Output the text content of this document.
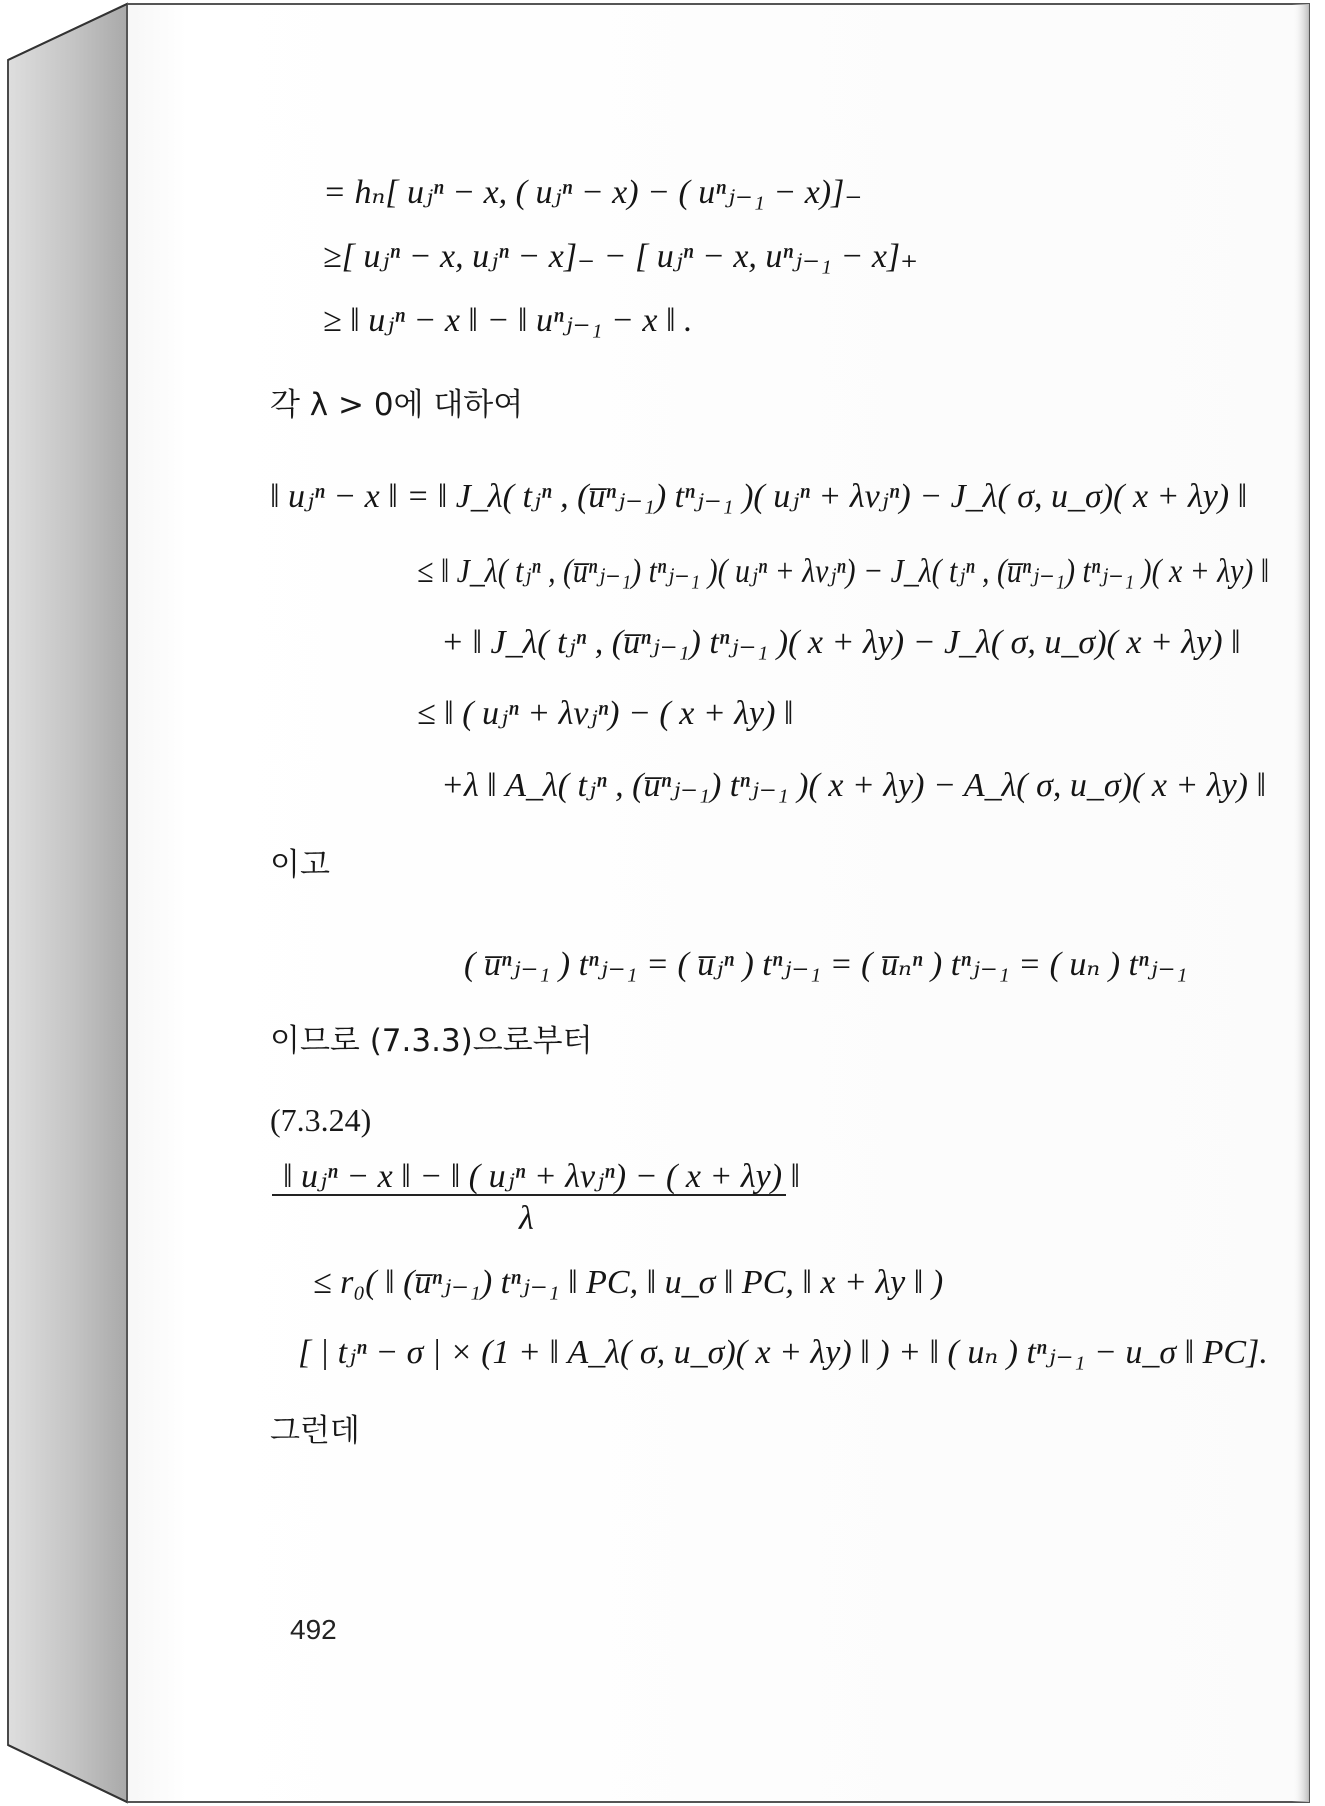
= hₙ[ uⱼⁿ − x, ( uⱼⁿ − x) − ( uⁿⱼ₋₁ − x)]₋
≥[ uⱼⁿ − x, uⱼⁿ − x]₋ − [ uⱼⁿ − x, uⁿⱼ₋₁ − x]₊
≥ ‖ uⱼⁿ − x ‖ − ‖ uⁿⱼ₋₁ − x ‖ .
각 λ > 0에 대하여
‖ uⱼⁿ − x ‖ = ‖ J_λ( tⱼⁿ , (u̅ⁿⱼ₋₁) tⁿⱼ₋₁ )( uⱼⁿ + λvⱼⁿ) − J_λ( σ, u_σ)( x + λy) ‖
≤ ‖ J_λ( tⱼⁿ , (u̅ⁿⱼ₋₁) tⁿⱼ₋₁ )( uⱼⁿ + λvⱼⁿ) − J_λ( tⱼⁿ , (u̅ⁿⱼ₋₁) tⁿⱼ₋₁ )( x + λy) ‖
+ ‖ J_λ( tⱼⁿ , (u̅ⁿⱼ₋₁) tⁿⱼ₋₁ )( x + λy) − J_λ( σ, u_σ)( x + λy) ‖
≤ ‖ ( uⱼⁿ + λvⱼⁿ) − ( x + λy) ‖
+λ ‖ A_λ( tⱼⁿ , (u̅ⁿⱼ₋₁) tⁿⱼ₋₁ )( x + λy) − A_λ( σ, u_σ)( x + λy) ‖
이고
( u̅ⁿⱼ₋₁ ) tⁿⱼ₋₁ = ( u̅ⱼⁿ ) tⁿⱼ₋₁ = ( u̅ₙⁿ ) tⁿⱼ₋₁ = ( uₙ ) tⁿⱼ₋₁
이므로 (7.3.3)으로부터
(7.3.24)
‖ uⱼⁿ − x ‖ − ‖ ( uⱼⁿ + λvⱼⁿ) − ( x + λy) ‖
λ
≤ r₀( ‖ (u̅ⁿⱼ₋₁) tⁿⱼ₋₁ ‖ PC, ‖ u_σ ‖ PC, ‖ x + λy ‖ )
[ | tⱼⁿ − σ | × (1 + ‖ A_λ( σ, u_σ)( x + λy) ‖ ) + ‖ ( uₙ ) tⁿⱼ₋₁ − u_σ ‖ PC].
그런데
492
